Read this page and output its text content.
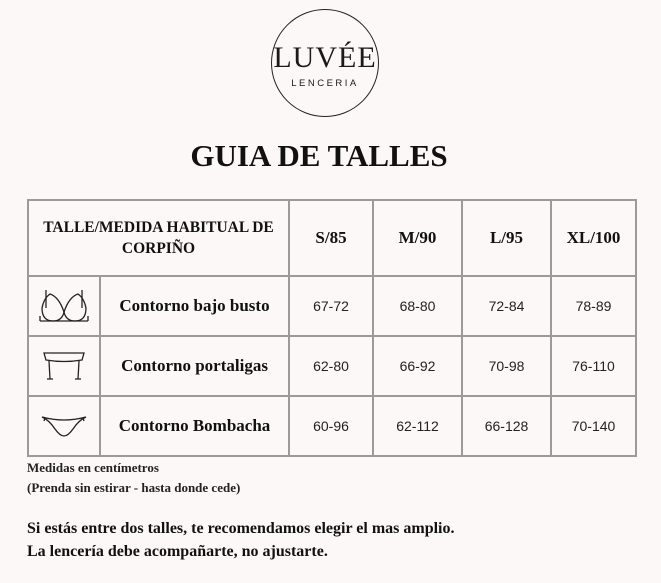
LUVÉE
LENCERIA
GUIA DE TALLES
TALLE/MEDIDA HABITUAL DE CORPIÑO		S/85	M/90	L/95	XL/100

	Contorno bajo busto	67-72	68-80	72-84	78-89

	Contorno portaligas	62-80	66-92	70-98	76-110

	Contorno Bombacha	60-96	62-112	66-128	70-140
Medidas en centímetros
(Prenda sin estirar - hasta donde cede)
Si estás entre dos talles, te recomendamos elegir el mas amplio.
La lencería debe acompañarte, no ajustarte.
